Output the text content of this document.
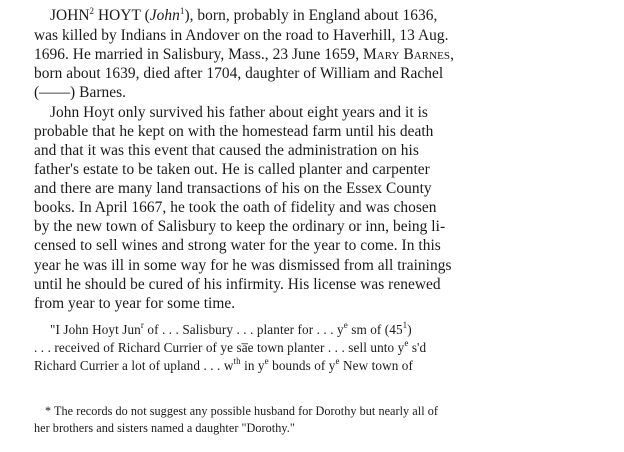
JOHN$^2$ HOYT (John$^1$), born, probably in England about 1636,
was killed by Indians in Andover on the road to Haverhill, 13 Aug.
1696. He married in Salisbury, Mass., 23 June 1659, Mary Barnes,
born about 1639, died after 1704, daughter of William and Rachel
(——) Barnes.
John Hoyt only survived his father about eight years and it is
probable that he kept on with the homestead farm until his death
and that it was this event that caused the administration on his
father's estate to be taken out. He is called planter and carpenter
and there are many land transactions of his on the Essex County
books. In April 1667, he took the oath of fidelity and was chosen
by the new town of Salisbury to keep the ordinary or inn, being li-
censed to sell wines and strong water for the year to come. In this
year he was ill in some way for he was dismissed from all trainings
until he should be cured of his infirmity. His license was renewed
from year to year for some time.
"I John Hoyt Jun$^r$ of . . . Salisbury . . . planter for . . . $y^e$ sm of $(45^1)$
. . . received of Richard Currier of ye sa̅e town planter . . . sell unto $y^e$ s'd
Richard Currier a lot of upland . . . $w^{th}$ in $y^e$ bounds of $y^e$ New town of
* The records do not suggest any possible husband for Dorothy but nearly all of
her brothers and sisters named a daughter "Dorothy."
